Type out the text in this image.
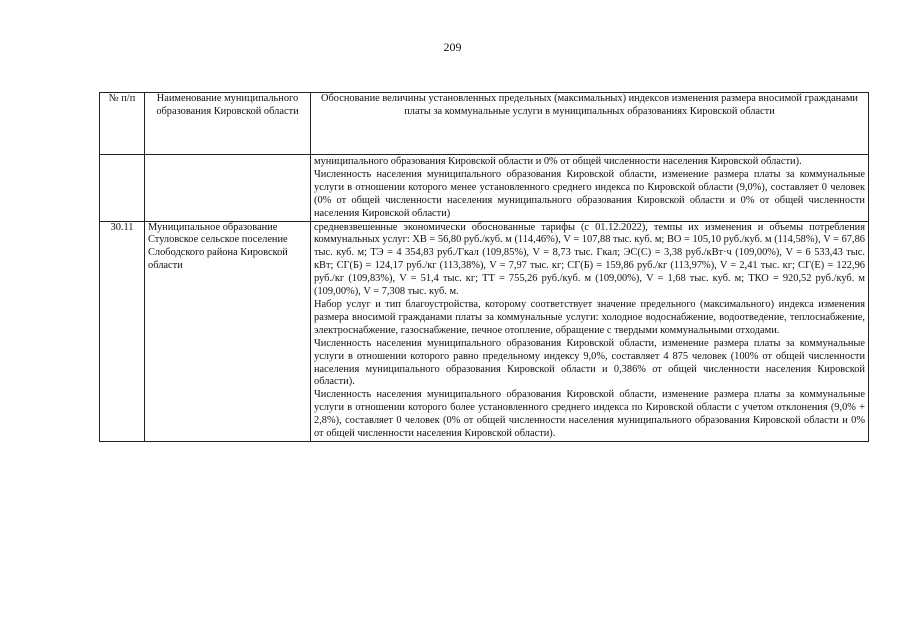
209
№ п/п	Наименование муниципального образования Кировской области	Обоснование величины установленных предельных (максимальных) индексов изменения размера вносимой гражданами платы за коммунальные услуги в муниципальных образованиях Кировской области

		муниципального образования Кировской области и 0% от общей численности населения Кировской области).

Численность населения муниципального образования Кировской области, изменение размера платы за коммунальные услуги в отношении которого менее установленного среднего индекса по Кировской области (9,0%), составляет 0 человек (0% от общей численности населения муниципального образования Кировской области и 0% от общей численности населения Кировской области)

30.11	Муниципальное образование Стуловское сельское поселение Слободского района Кировской области	средневзвешенные экономически обоснованные тарифы (с 01.12.2022), темпы их изменения и объемы потребления коммунальных услуг: ХВ = 56,80 руб./куб. м (114,46%), V = 107,88 тыс. куб. м; ВО = 105,10 руб./куб. м (114,58%), V = 67,86 тыс. куб. м; ТЭ = 4 354,83 руб./Гкал (109,85%), V = 8,73 тыс. Гкал; ЭС(С) = 3,38 руб./кВт·ч (109,00%), V = 6 533,43 тыс. кВт; СГ(Б) = 124,17 руб./кг (113,38%), V = 7,97 тыс. кг; СГ(Б) = 159,86 руб./кг (113,97%), V = 2,41 тыс. кг; СГ(Е) = 122,96 руб./кг (109,83%), V = 51,4 тыс. кг; ТТ = 755,26 руб./куб. м (109,00%), V = 1,68 тыс. куб. м; ТКО = 920,52 руб./куб. м (109,00%), V = 7,308 тыс. куб. м.

Набор услуг и тип благоустройства, которому соответствует значение предельного (максимального) индекса изменения размера вносимой гражданами платы за коммунальные услуги: холодное водоснабжение, водоотведение, теплоснабжение, электроснабжение, газоснабжение, печное отопление, обращение с твердыми коммунальными отходами.

Численность населения муниципального образования Кировской области, изменение размера платы за коммунальные услуги в отношении которого равно предельному индексу 9,0%, составляет 4 875 человек (100% от общей численности населения муниципального образования Кировской области и 0,386% от общей численности населения Кировской области).

Численность населения муниципального образования Кировской области, изменение размера платы за коммунальные услуги в отношении которого более установленного среднего индекса по Кировской области с учетом отклонения (9,0% + 2,8%), составляет 0 человек (0% от общей численности населения муниципального образования Кировской области и 0% от общей численности населения Кировской области).
